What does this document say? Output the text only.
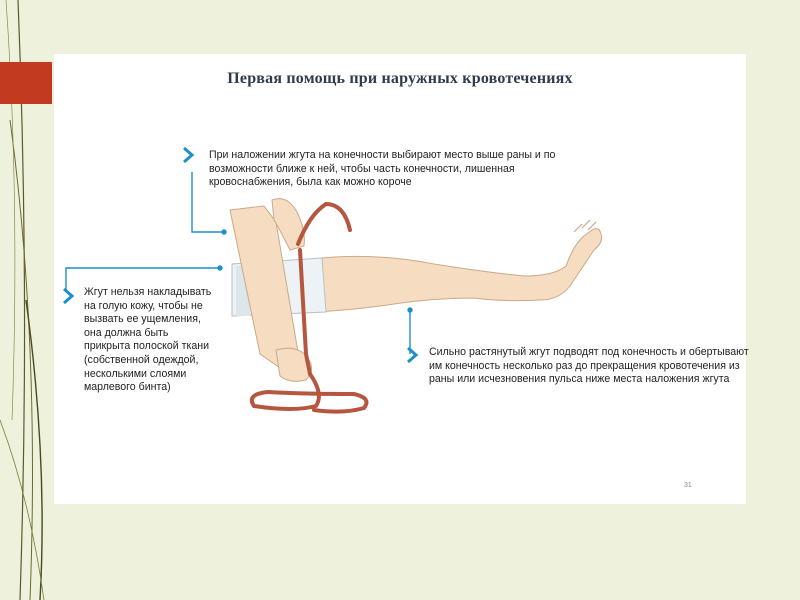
Первая помощь при наружных кровотечениях
При наложении жгута на конечности выбирают место выше раны и по возможности ближе к ней, чтобы часть конечности, лишенная кровоснабжения, была как можно короче
Жгут нельзя накладывать на голую кожу, чтобы не вызвать ее ущемления, она должна быть прикрыта полоской ткани (собственной одеждой, несколькими слоями марлевого бинта)
Сильно растянутый жгут подводят под конечность и обертывают им конечность несколько раз до прекращения кровотечения из раны или исчезновения пульса ниже места наложения жгута
31
